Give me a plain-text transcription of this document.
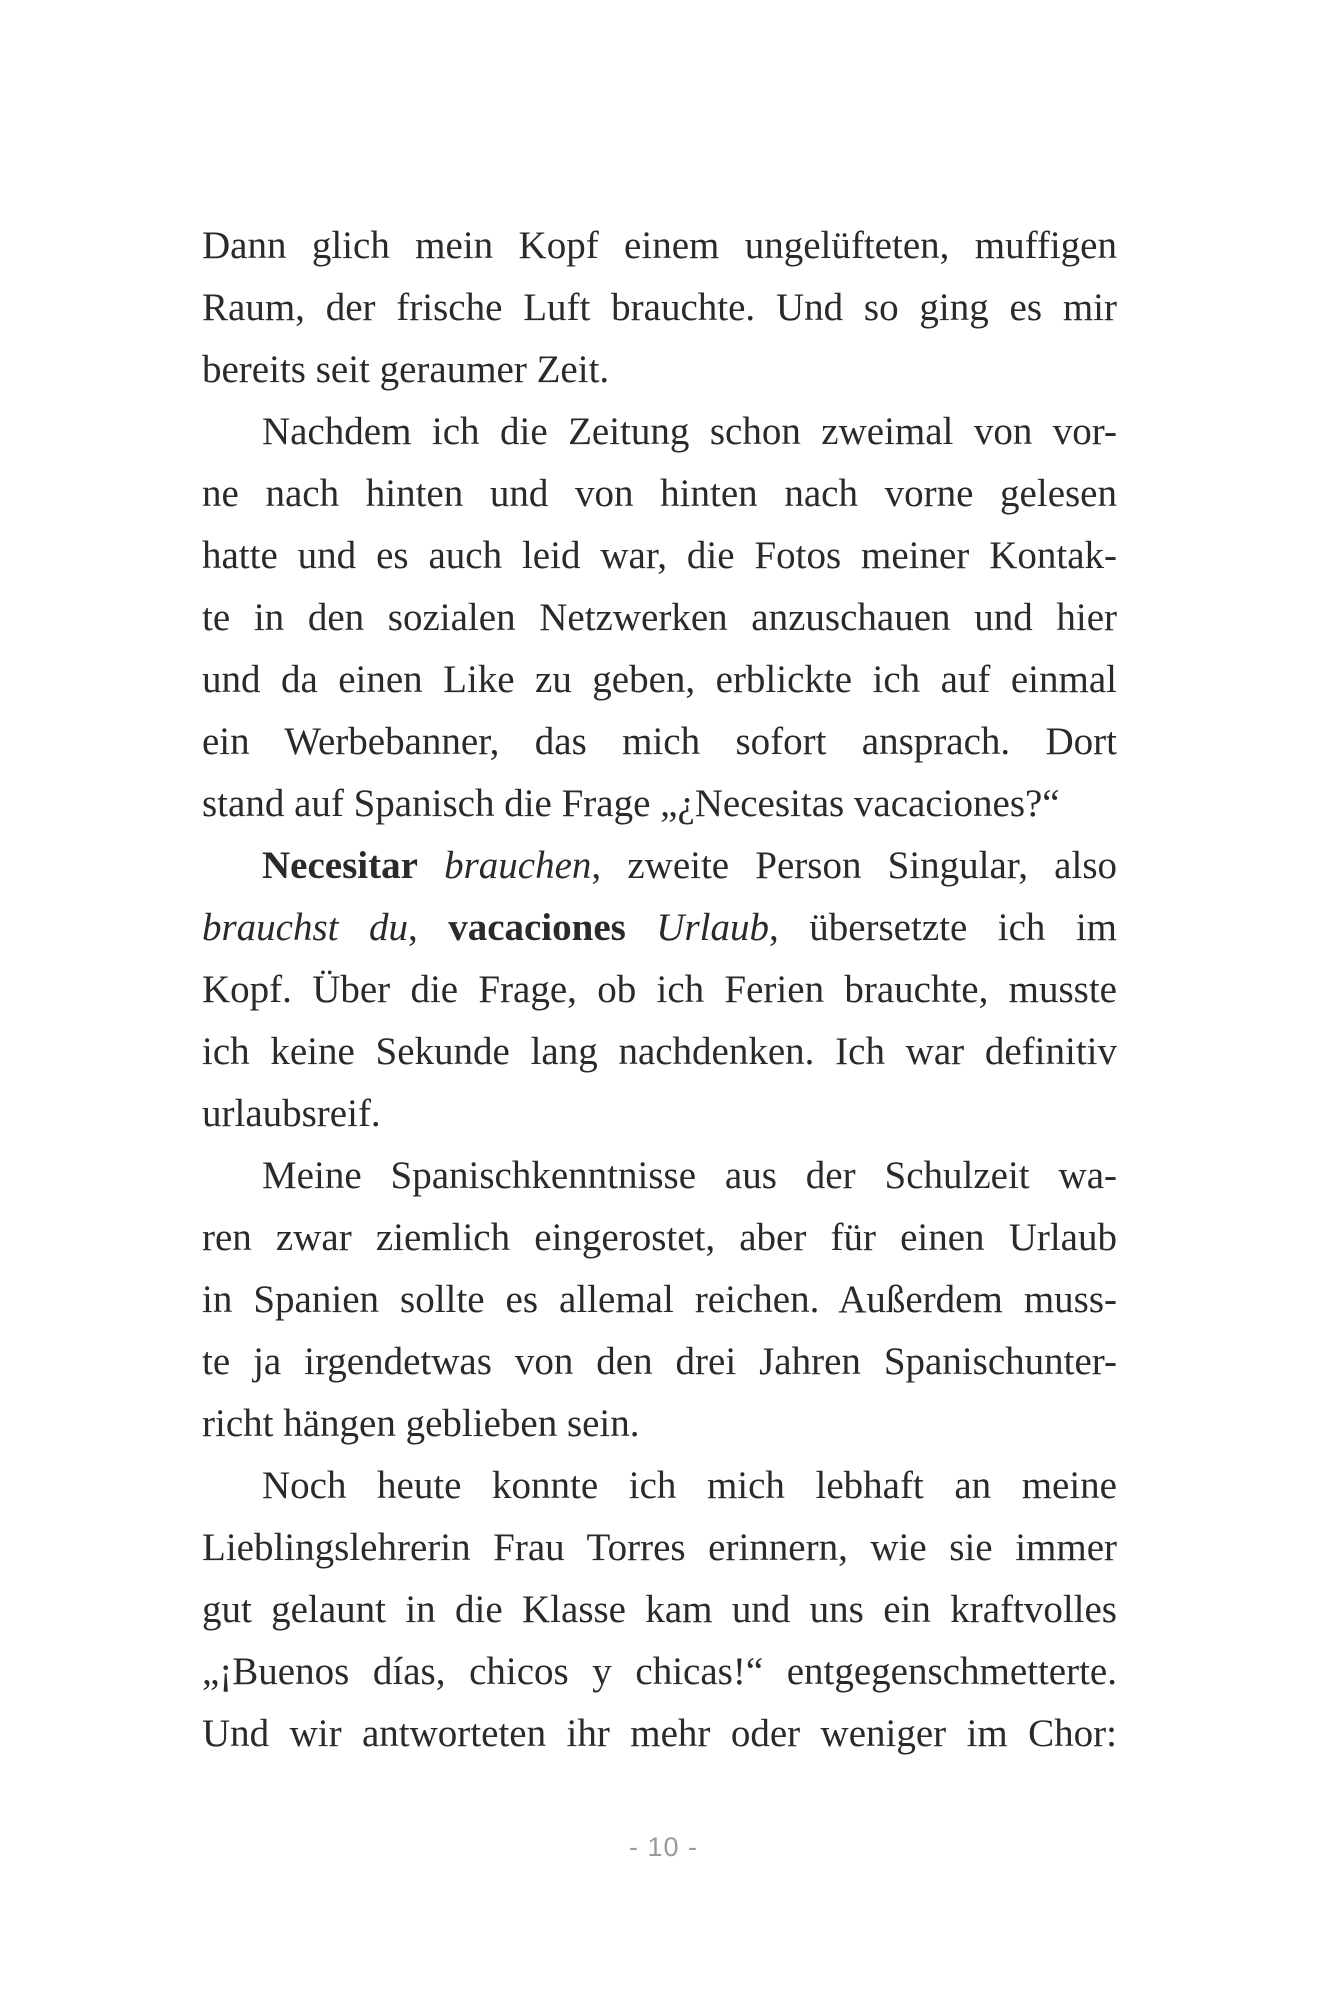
Dann glich mein Kopf einem ungelüfteten, muffigen
Raum, der frische Luft brauchte. Und so ging es mir
bereits seit geraumer Zeit.
Nachdem ich die Zeitung schon zweimal von vor-
ne nach hinten und von hinten nach vorne gelesen
hatte und es auch leid war, die Fotos meiner Kontak-
te in den sozialen Netzwerken anzuschauen und hier
und da einen Like zu geben, erblickte ich auf einmal
ein Werbebanner, das mich sofort ansprach. Dort
stand auf Spanisch die Frage „¿Necesitas vacaciones?“
Necesitar brauchen, zweite Person Singular, also
brauchst du, vacaciones Urlaub, übersetzte ich im
Kopf. Über die Frage, ob ich Ferien brauchte, musste
ich keine Sekunde lang nachdenken. Ich war definitiv
urlaubsreif.
Meine Spanischkenntnisse aus der Schulzeit wa-
ren zwar ziemlich eingerostet, aber für einen Urlaub
in Spanien sollte es allemal reichen. Außerdem muss-
te ja irgendetwas von den drei Jahren Spanischunter-
richt hängen geblieben sein.
Noch heute konnte ich mich lebhaft an meine
Lieblingslehrerin Frau Torres erinnern, wie sie immer
gut gelaunt in die Klasse kam und uns ein kraftvolles
„¡Buenos días, chicos y chicas!“ entgegenschmetterte.
Und wir antworteten ihr mehr oder weniger im Chor:
- 10 -
